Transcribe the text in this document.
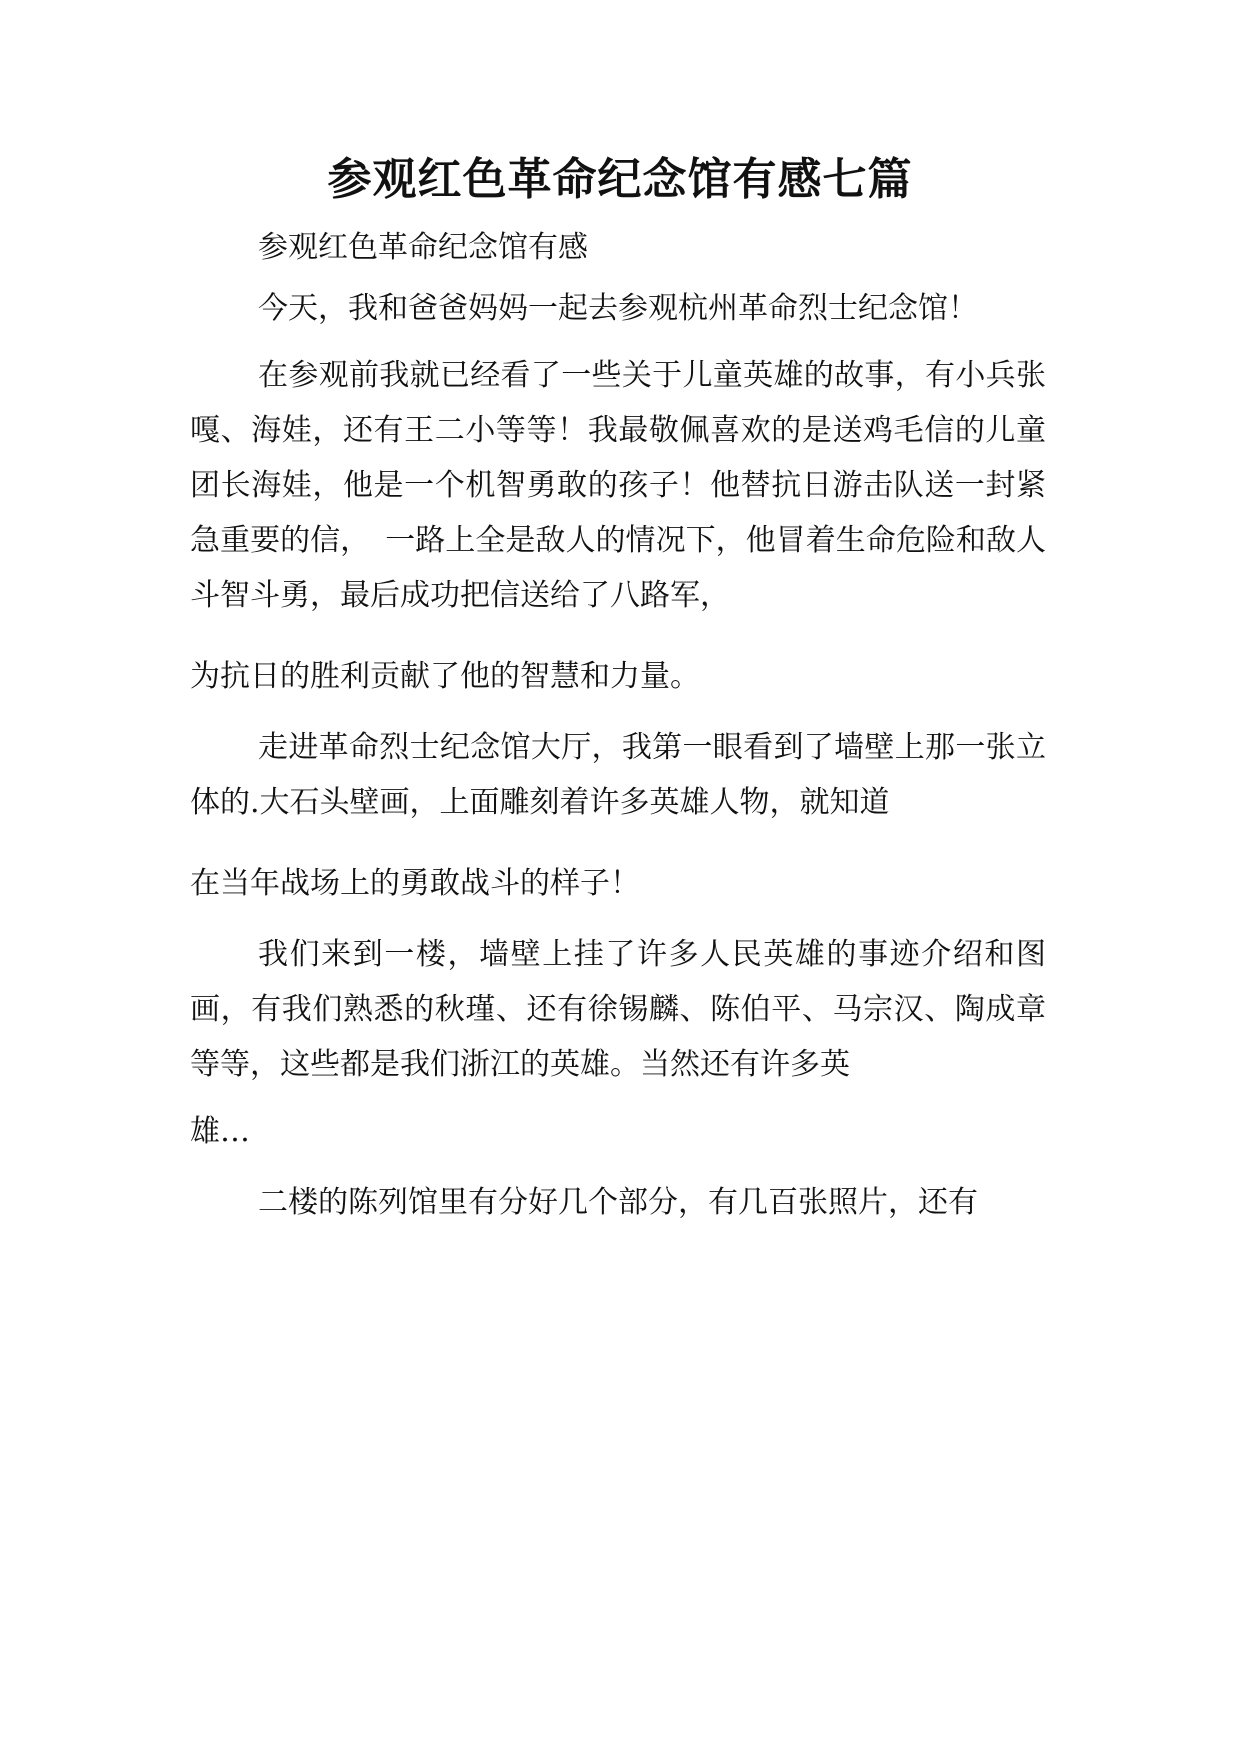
参观红色革命纪念馆有感七篇

参观红色革命纪念馆有感

今天，我和爸爸妈妈一起去参观杭州革命烈士纪念馆！

在参观前我就已经看了一些关于儿童英雄的故事，有小兵张嘎、海娃，还有王二小等等！我最敬佩喜欢的是送鸡毛信的儿童团长海娃，他是一个机智勇敢的孩子！他替抗日游击队送一封紧急重要的信，　一路上全是敌人的情况下，他冒着生命危险和敌人斗智斗勇，最后成功把信送给了八路军，
为抗日的胜利贡献了他的智慧和力量。

走进革命烈士纪念馆大厅，我第一眼看到了墙壁上那一张立体的.大石头壁画，上面雕刻着许多英雄人物，就知道
在当年战场上的勇敢战斗的样子！

我们来到一楼，墙壁上挂了许多人民英雄的事迹介绍和图画，有我们熟悉的秋瑾、还有徐锡麟、陈伯平、马宗汉、陶成章等等，这些都是我们浙江的英雄。当然还有许多英
雄…

二楼的陈列馆里有分好几个部分，有几百张照片，还有
